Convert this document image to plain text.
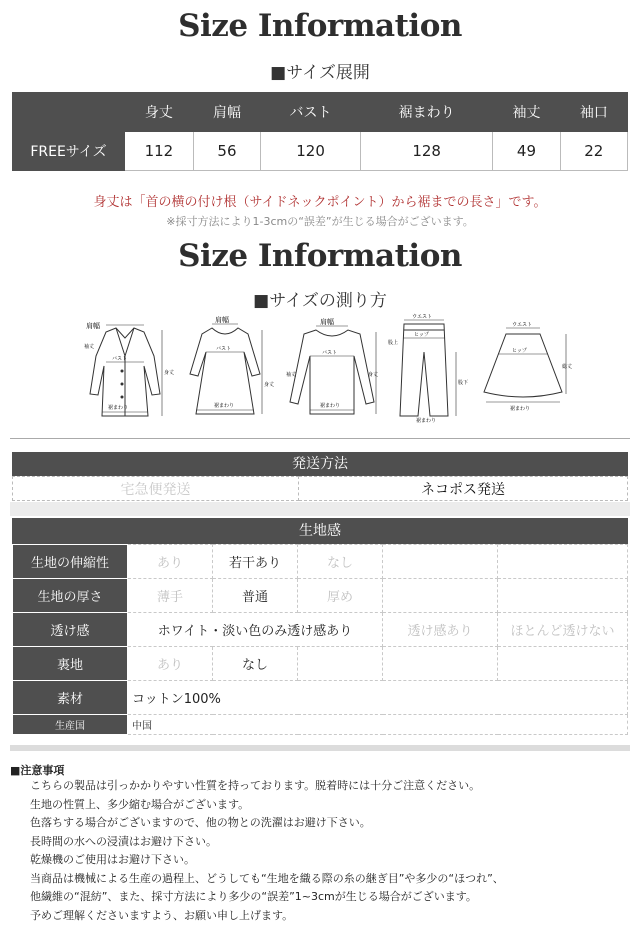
Size Information
■サイズ展開
	身丈	肩幅	バスト	裾まわり	袖丈	袖口
FREEサイズ	112	56	120	128	49	22
身丈は「首の横の付け根（サイドネックポイント）から裾までの長さ」です。
※採寸方法により1-3cmの“誤差”が生じる場合がございます。
Size Information
■サイズの測り方
肩幅
袖丈
バスト
身丈
裾まわり
肩幅
バスト
身丈
裾まわり
肩幅
バスト
袖丈	身丈
裾まわり
ウエスト
ヒップ
股上
股下
裾まわり
ウエスト
ヒップ
総丈
裾まわり
発送方法
宅急便発送	ネコポス発送
生地感
生地の伸縮性	あり	若干あり	なし		
生地の厚さ	薄手	普通	厚め		
透け感	ホワイト・淡い色のみ透け感あり			透け感あり	ほとんど透けない
裏地	あり	なし			
素材	コットン100%				
生産国	中国				
■注意事項
こちらの製品は引っかかりやすい性質を持っております。脱着時には十分ご注意ください。
生地の性質上、多少縮む場合がございます。
色落ちする場合がございますので、他の物との洗濯はお避け下さい。
長時間の水への浸漬はお避け下さい。
乾燥機のご使用はお避け下さい。
当商品は機械による生産の過程上、どうしても“生地を織る際の糸の継ぎ目”や多少の“ほつれ”、
他繊維の“混紡”、また、採寸方法により多少の“誤差”1~3cmが生じる場合がございます。
予めご理解くださいますよう、お願い申し上げます。
